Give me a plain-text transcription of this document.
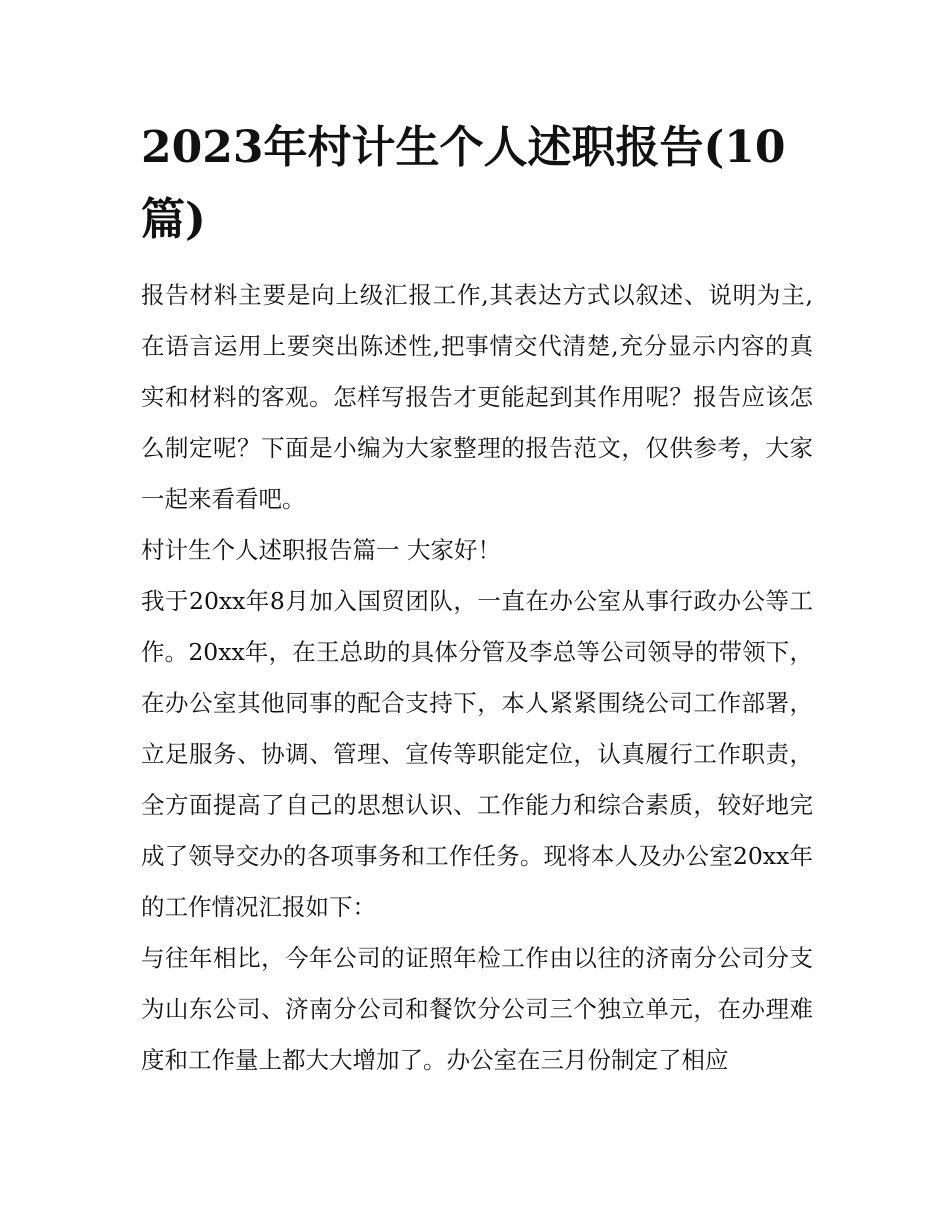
2023年村计生个人述职报告(10篇)

报告材料主要是向上级汇报工作,其表达方式以叙述、说明为主,在语言运用上要突出陈述性,把事情交代清楚,充分显示内容的真实和材料的客观。怎样写报告才更能起到其作用呢？报告应该怎么制定呢？下面是小编为大家整理的报告范文，仅供参考，大家一起来看看吧。

村计生个人述职报告篇一 大家好！

我于20xx年8月加入国贸团队，一直在办公室从事行政办公等工作。20xx年，在王总助的具体分管及李总等公司领导的带领下，在办公室其他同事的配合支持下，本人紧紧围绕公司工作部署，立足服务、协调、管理、宣传等职能定位，认真履行工作职责，全方面提高了自己的思想认识、工作能力和综合素质，较好地完成了领导交办的各项事务和工作任务。现将本人及办公室20xx年的工作情况汇报如下：

与往年相比，今年公司的证照年检工作由以往的济南分公司分支为山东公司、济南分公司和餐饮分公司三个独立单元，在办理难度和工作量上都大大增加了。办公室在三月份制定了相应
